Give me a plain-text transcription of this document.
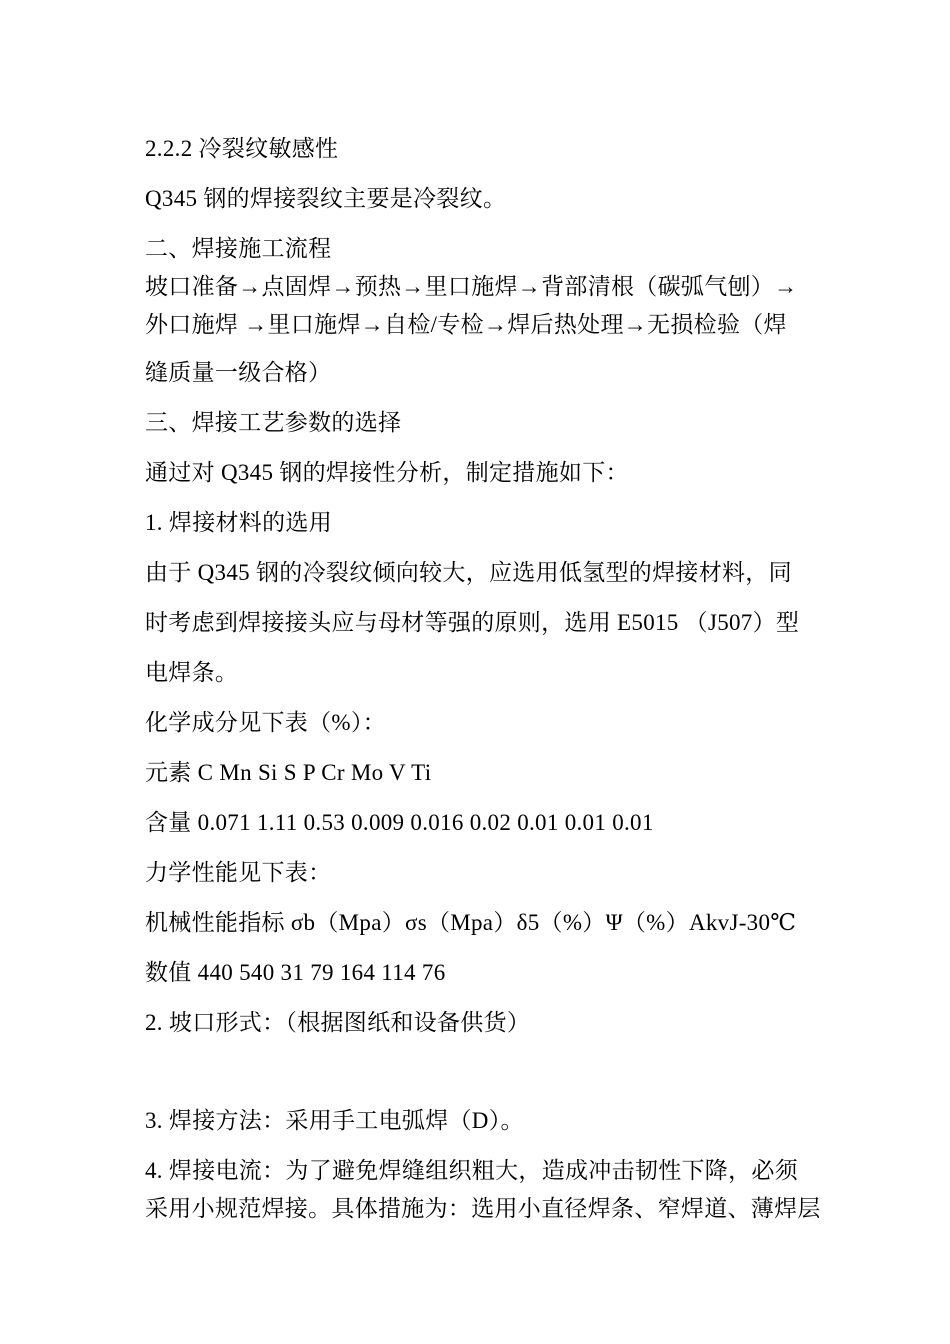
2.2.2 冷裂纹敏感性
Q345 钢的焊接裂纹主要是冷裂纹。
二、焊接施工流程
坡口准备→点固焊→预热→里口施焊→背部清根（碳弧气刨）→
外口施焊 →里口施焊→自检/专检→焊后热处理→无损检验（焊
缝质量一级合格）
三、焊接工艺参数的选择
通过对 Q345 钢的焊接性分析，制定措施如下：
1. 焊接材料的选用
由于 Q345 钢的冷裂纹倾向较大，应选用低氢型的焊接材料，同
时考虑到焊接接头应与母材等强的原则，选用 E5015 （J507）型
电焊条。
化学成分见下表（%）：
元素 C Mn Si S P Cr Mo V Ti
含量 0.071 1.11 0.53 0.009 0.016 0.02 0.01 0.01 0.01
力学性能见下表：
机械性能指标 σb（Mpa）σs（Mpa）δ5（%）Ψ（%）AkvJ-30℃
数值 440 540 31 79 164 114 76
2. 坡口形式：（根据图纸和设备供货）
3. 焊接方法：采用手工电弧焊（D）。
4. 焊接电流：为了避免焊缝组织粗大，造成冲击韧性下降，必须
采用小规范焊接。具体措施为：选用小直径焊条、窄焊道、薄焊层
